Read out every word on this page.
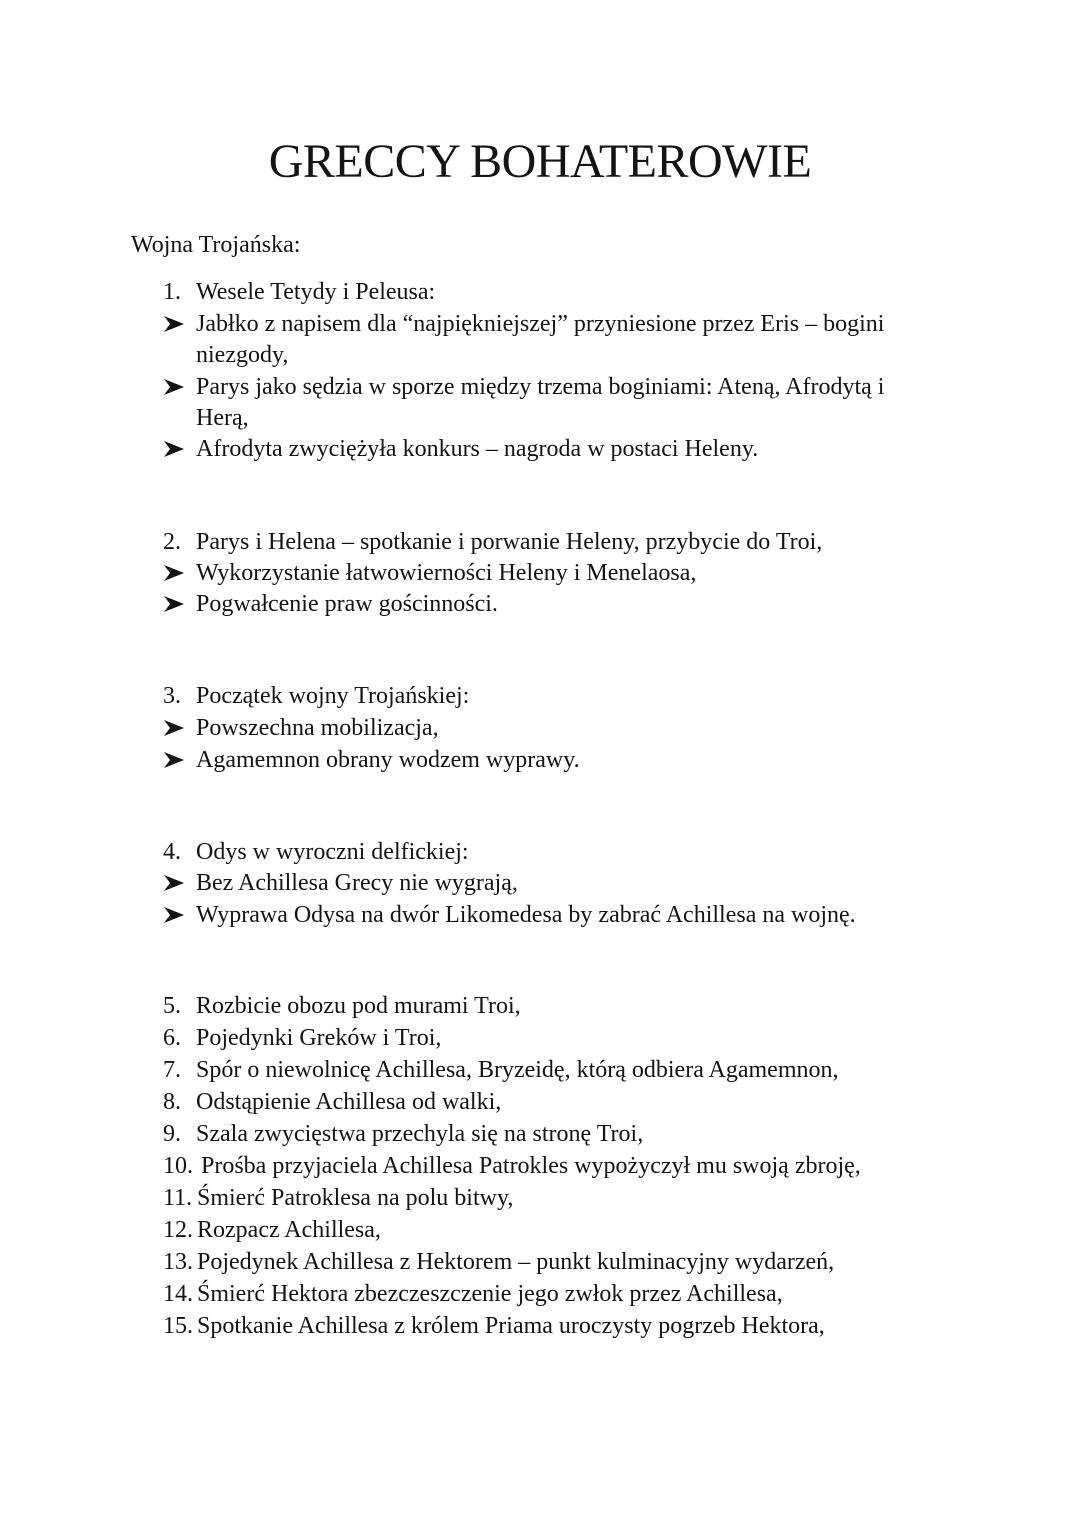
GRECCY BOHATEROWIE
Wojna Trojańska:
1. Wesele Tetydy i Peleusa:
Jabłko z napisem dla “najpiękniejszej” przyniesione przez Eris – bogini
niezgody,
Parys jako sędzia w sporze między trzema boginiami: Ateną, Afrodytą i
Herą,
Afrodyta zwyciężyła konkurs – nagroda w postaci Heleny.
2. Parys i Helena – spotkanie i porwanie Heleny, przybycie do Troi,
Wykorzystanie łatwowierności Heleny i Menelaosa,
Pogwałcenie praw gościnności.
3. Początek wojny Trojańskiej:
Powszechna mobilizacja,
Agamemnon obrany wodzem wyprawy.
4. Odys w wyroczni delfickiej:
Bez Achillesa Grecy nie wygrają,
Wyprawa Odysa na dwór Likomedesa by zabrać Achillesa na wojnę.
5. Rozbicie obozu pod murami Troi,
6. Pojedynki Greków i Troi,
7. Spór o niewolnicę Achillesa, Bryzeidę, którą odbiera Agamemnon,
8. Odstąpienie Achillesa od walki,
9. Szala zwycięstwa przechyla się na stronę Troi,
10. Prośba przyjaciela Achillesa Patrokles wypożyczył mu swoją zbroję,
11. Śmierć Patroklesa na polu bitwy,
12. Rozpacz Achillesa,
13. Pojedynek Achillesa z Hektorem – punkt kulminacyjny wydarzeń,
14. Śmierć Hektora zbezczeszczenie jego zwłok przez Achillesa,
15. Spotkanie Achillesa z królem Priama uroczysty pogrzeb Hektora,
